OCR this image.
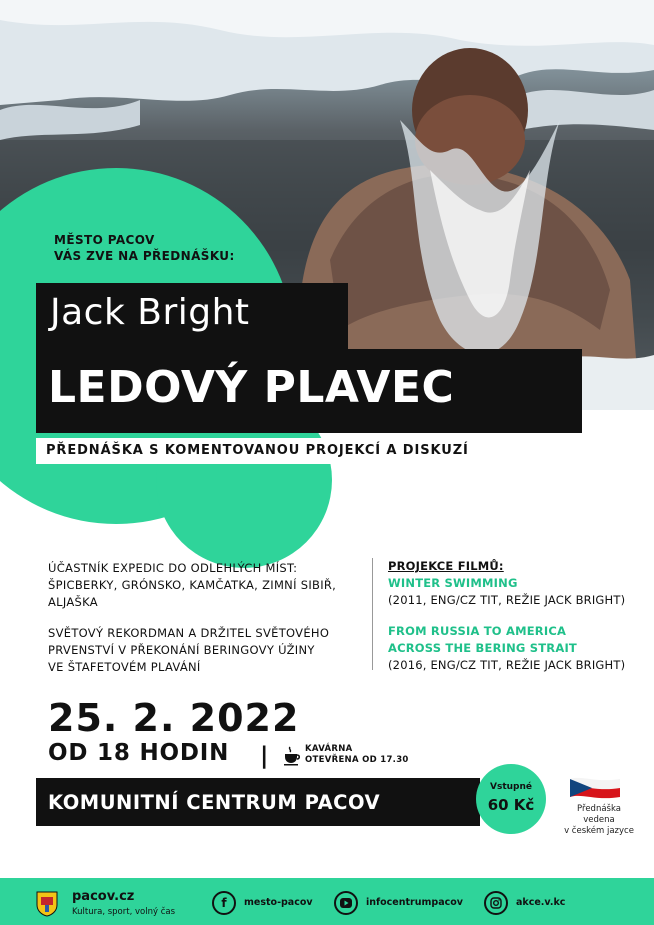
MĚSTO PACOV
VÁS ZVE NA PŘEDNÁŠKU:
Jack Bright
LEDOVÝ PLAVEC
PŘEDNÁŠKA S KOMENTOVANOU PROJEKCÍ A DISKUZÍ

ÚČASTNÍK EXPEDIC DO ODLEHLÝCH MÍST:
ŠPICBERKY, GRÓNSKO, KAMČATKA, ZIMNÍ SIBIŘ,
ALJAŠKA

SVĚTOVÝ REKORDMAN A DRŽITEL SVĚTOVÉHO
PRVENSTVÍ V PŘEKONÁNÍ BERINGOVY ÚŽINY
VE ŠTAFETOVÉM PLAVÁNÍ

PROJEKCE FILMŮ:
WINTER SWIMMING
(2011, ENG/CZ TIT, REŽIE JACK BRIGHT)
FROM RUSSIA TO AMERICA
ACROSS THE BERING STRAIT
(2016, ENG/CZ TIT, REŽIE JACK BRIGHT)
25. 2. 2022
OD 18 HODIN |	KAVÁRNA
OTEVŘENA OD 17.30
KOMUNITNÍ CENTRUM PACOV
Vstupné
60 Kč	Přednáška
vedena
v českém jazyce
pacov.cz
Kultura, sport, volný čas
f	mesto-pacov	infocentrumpacov	akce.v.kc
